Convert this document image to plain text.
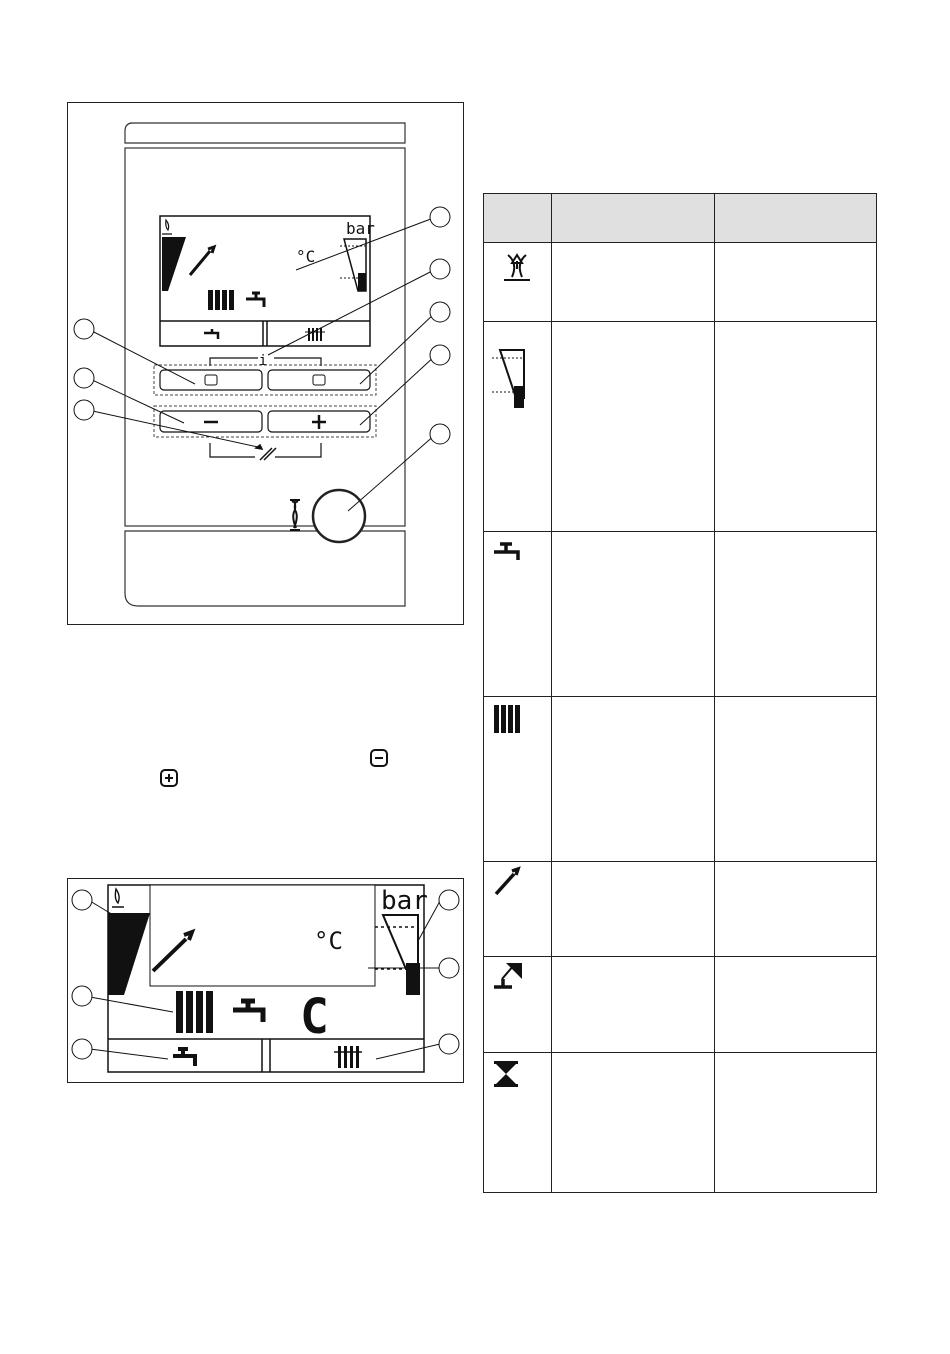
bar
°C
i
°C
bar
C
